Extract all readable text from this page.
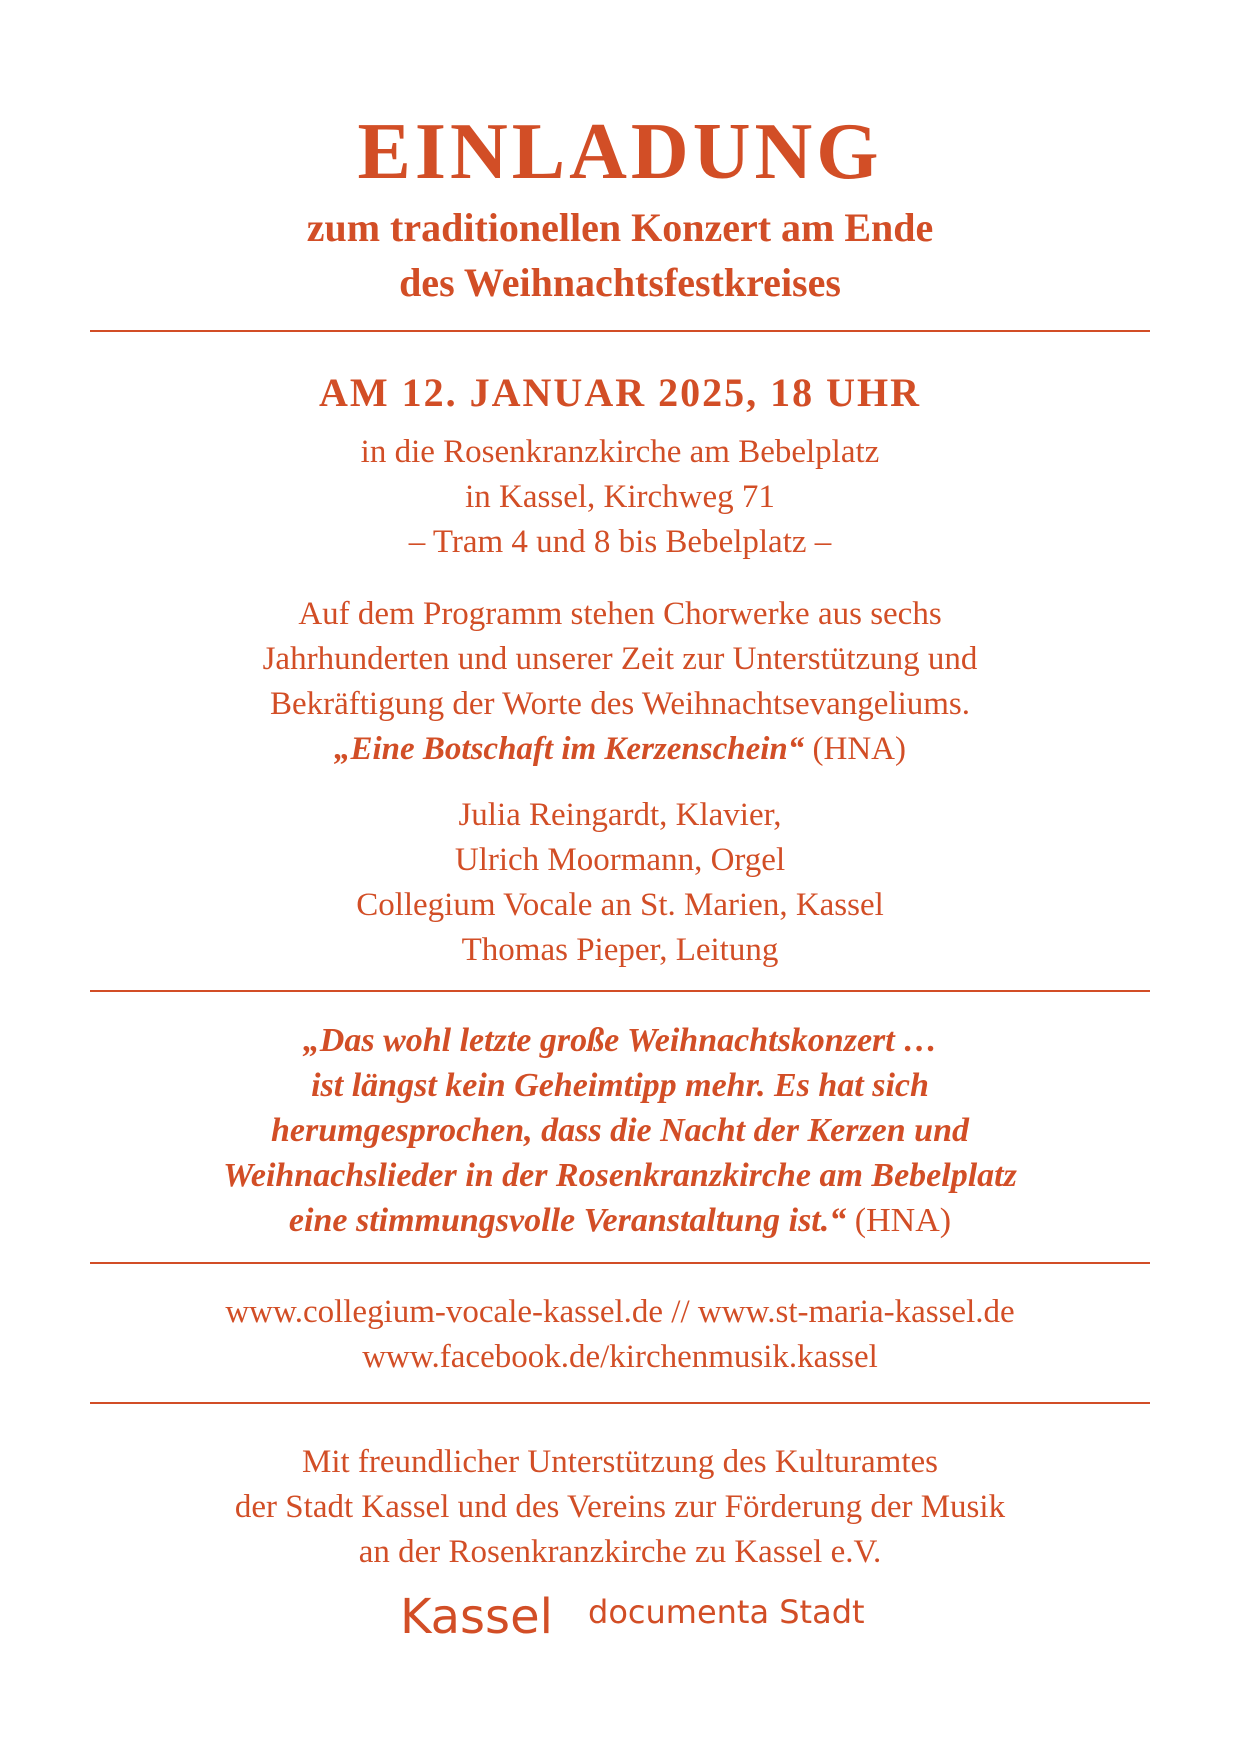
EINLADUNG
zum traditionellen Konzert am Ende
des Weihnachtsfestkreises
AM 12. JANUAR 2025, 18 UHR
in die Rosenkranzkirche am Bebelplatz
in Kassel, Kirchweg 71
– Tram 4 und 8 bis Bebelplatz –
Auf dem Programm stehen Chorwerke aus sechs
Jahrhunderten und unserer Zeit zur Unterstützung und
Bekräftigung der Worte des Weihnachtsevangeliums.
„Eine Botschaft im Kerzenschein“ (HNA)
Julia Reingardt, Klavier,
Ulrich Moormann, Orgel
Collegium Vocale an St. Marien, Kassel
Thomas Pieper, Leitung
„Das wohl letzte große Weihnachtskonzert …
ist längst kein Geheimtipp mehr. Es hat sich
herumgesprochen, dass die Nacht der Kerzen und
Weihnachslieder in der Rosenkranzkirche am Bebelplatz
eine stimmungsvolle Veranstaltung ist.“ (HNA)
www.collegium-vocale-kassel.de // www.st-maria-kassel.de
www.facebook.de/kirchenmusik.kassel
Mit freundlicher Unterstützung des Kulturamtes
der Stadt Kassel und des Vereins zur Förderung der Musik
an der Rosenkranzkirche zu Kassel e.V.
Kassel documenta Stadt
